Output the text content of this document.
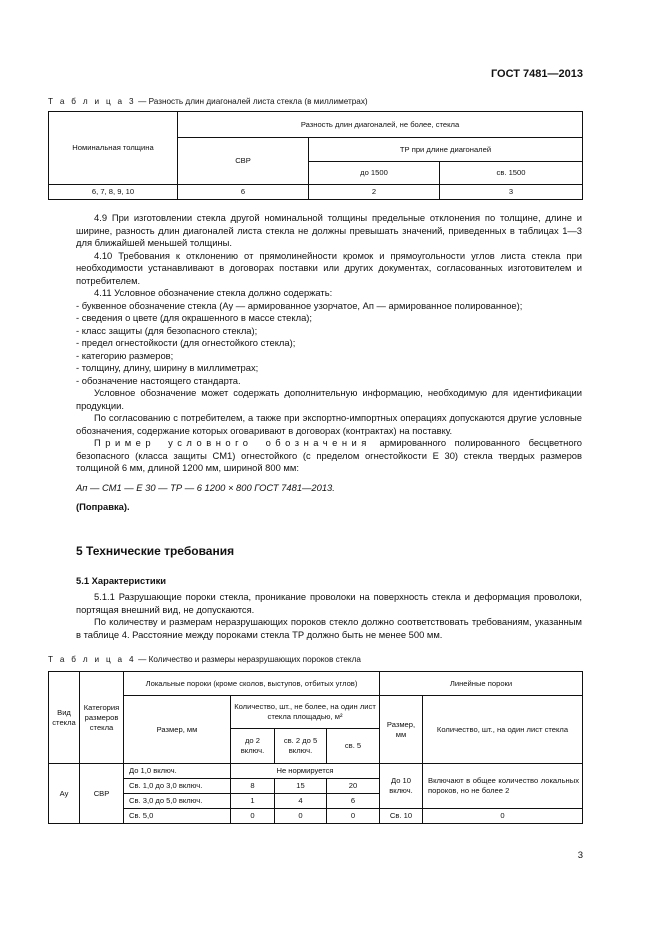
ГОСТ 7481—2013
Т а б л и ц а 3 — Разность длин диагоналей листа стекла (в миллиметрах)
Номинальная толщина	Разность длин диагоналей, не более, стекла		
	СВР	ТР при длине диагоналей	
		до 1500	св. 1500
6, 7, 8, 9, 10	6	2	3

4.9 При изготовлении стекла другой номинальной толщины предельные отклонения по толщине, длине и ширине, разность длин диагоналей листа стекла не должны превышать значений, приведенных в таблицах 1—3 для ближайшей меньшей толщины.

4.10 Требования к отклонению от прямолинейности кромок и прямоугольности углов листа стекла при необходимости устанавливают в договорах поставки или других документах, согласованных изготовителем и потребителем.

4.11 Условное обозначение стекла должно содержать:

- буквенное обозначение стекла (Ау — армированное узорчатое, Ап — армированное полированное);

- сведения о цвете (для окрашенного в массе стекла);

- класс защиты (для безопасного стекла);

- предел огнестойкости (для огнестойкого стекла);

- категорию размеров;

- толщину, длину, ширину в миллиметрах;

- обозначение настоящего стандарта.

Условное обозначение может содержать дополнительную информацию, необходимую для идентификации продукции.

По согласованию с потребителем, а также при экспортно-импортных операциях допускаются другие условные обозначения, содержание которых оговаривают в договорах (контрактах) на поставку.

Пример условного обозначения армированного полированного бесцветного безопасного (класса защиты СМ1) огнестойкого (с пределом огнестойкости Е 30) стекла твердых размеров толщиной 6 мм, длиной 1200 мм, шириной 800 мм:

Ап — СМ1 — Е 30 — ТР — 6 1200 × 800 ГОСТ 7481—2013.

(Поправка).

5 Технические требования
5.1 Характеристики

5.1.1 Разрушающие пороки стекла, проникание проволоки на поверхность стекла и деформация проволоки, портящая внешний вид, не допускаются.

По количеству и размерам неразрушающих пороков стекло должно соответствовать требованиям, указанным в таблице 4. Расстояние между пороками стекла ТР должно быть не менее 500 мм.

Т а б л и ц а 4 — Количество и размеры неразрушающих пороков стекла
Вид стекла	Категория размеров стекла	Локальные пороки (кроме сколов, выступов, отбитых углов)				Линейные пороки	
		Размер, мм	Количество, шт., не более, на один лист стекла площадью, м²			Размер, мм	Количество, шт., на один лист стекла
			до 2 включ.	св. 2 до 5 включ.	св. 5		
Ау	СВР	До 1,0 включ.	Не нормируется			До 10 включ.	Включают в общее количество локальных пороков, но не более 2
		Св. 1,0 до 3,0 включ.	8	15	20		
		Св. 3,0 до 5,0 включ.	1	4	6		
		Св. 5,0	0	0	0	Св. 10	0
3
